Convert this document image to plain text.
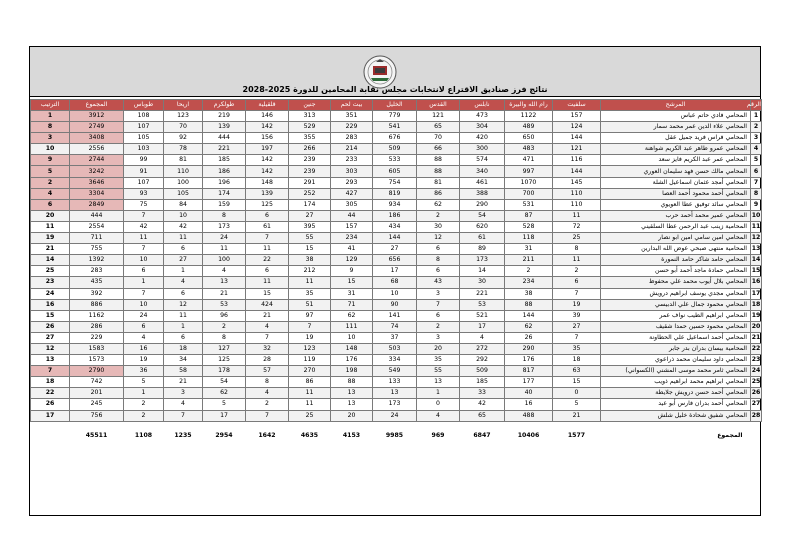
نتائج فرز صناديق الاقتراع لانتخابات مجلس نقابة المحامين للدورة 2025-2028
الرقم	المرشح	سلفيت	رام الله والبيرة	نابلس	القدس	الخليل	بيت لحم	جنين	قلقيلية	طولكرم	اريحا	طوباس	المجموع	الترتيب
1	المحامي فادي حاتم عباس	157	1122	473	121	779	351	313	146	219	123	108	3912	1
2	المحامي علاء الدين عمر محمد سمار	124	489	304	65	541	229	529	142	139	70	107	2749	8
3	المحامي فراس فريد جميل عقل	144	650	420	70	676	283	355	156	444	92	105	3408	3
4	المحامي عمرو طاهر عبد الكريم شواهنة	121	483	300	66	509	214	266	197	221	78	103	2556	10
5	المحامي عمر عبد الكريم فايز سعد	116	471	574	88	533	233	239	142	185	81	99	2744	9
6	المحامي مالك حسن فهد سليمان العوري	144	997	340	88	605	303	239	142	186	110	91	3242	5
7	المحامي أمجد عثمان اسماعيل الشلة	145	1070	461	81	754	293	291	148	196	100	107	3646	2
8	المحامي أحمد محمود أحمد العصا	110	700	388	86	819	427	252	139	174	105	93	3304	4
9	المحامي سائد توفيق عطا العويوي	110	531	290	62	934	305	174	125	159	84	75	2849	6
10	المحامي عمير محمد أحمد حرب	11	87	54	2	186	44	27	6	8	10	7	444	20
11	المحامية زينب عبد الرحمن عطا السلقيني	72	528	620	30	434	157	395	61	173	42	42	2554	11
12	المحامي امين سامي امين ابو نصار	25	118	61	12	144	234	55	7	24	11	11	711	19
13	المحامية منتهى صبحي عوض الله البدارين	8	31	89	6	27	41	15	11	11	6	7	755	21
14	المحامي حامد شاكر حامد النمورة	11	211	173	8	656	129	38	22	100	27	10	1392	14
15	المحامي حمادة ماجد أحمد أبو حسن	2	2	14	6	17	9	212	6	4	1	6	283	25
16	المحامي بلال أيوب محمد علي محفوظ	6	234	30	43	68	15	11	11	13	4	1	435	23
17	المحامي مجدي يوسف ابراهيم درويش	7	38	221	3	10	31	35	15	21	6	7	392	24
18	المحامي محمود جمال علي الدبيسي	19	88	53	7	90	71	51	424	53	12	10	886	16
19	المحامي ابراهيم الطيب نواف عمر	39	144	521	6	141	62	97	21	96	11	24	1162	15
20	المحامي محمود حسين حمدا شقيف	27	62	17	2	74	111	7	4	2	1	6	286	26
21	المحامي أحمد اسماعيل علي الحطاونة	7	26	4	3	37	10	19	7	8	6	4	229	27
22	المحامية بيسان بدران بدر جابر	35	290	272	20	503	148	123	32	127	18	16	1583	12
23	المحامي داود سليمان محمد ذراعوي	18	176	292	35	334	176	119	28	125	34	19	1573	13
24	المحامي ثامر محمد موسى المشني (الكسواني)	63	817	509	55	549	198	270	57	178	58	36	2790	7
25	المحامي ابراهيم محمد ابراهيم ذويب	15	177	185	13	133	88	86	8	54	21	5	742	18
26	المحامي أحمد حسن درويش جلايطة	0	40	33	1	13	13	11	4	62	3	1	201	22
27	المحامي أحمد بدران فارس أبو عيد	5	16	42	0	173	13	11	2	5	4	2	245	26
28	المحامي شفيق شحادة خليل شلش	21	488	65	4	24	20	25	7	17	7	2	756	17

	المجموع	1577	10406	6847	969	9985	4153	4635	1642	2954	1235	1108	45511	
